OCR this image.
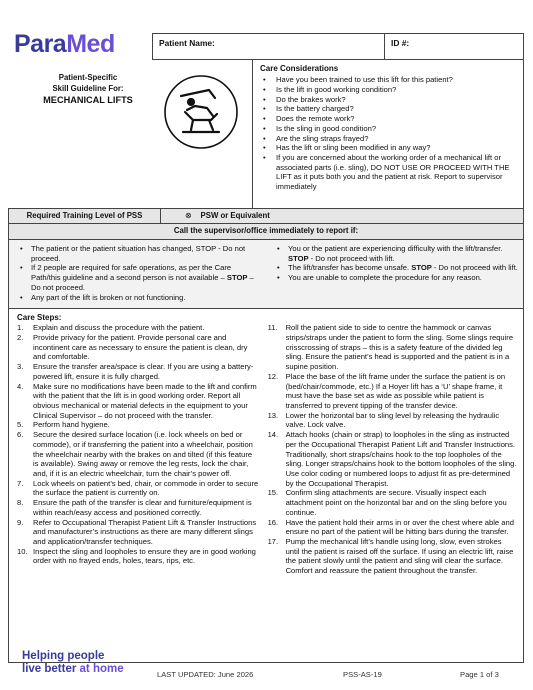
ParaMed	Patient Name:	ID #:
Patient-Specific
Skill Guideline For:
MECHANICAL LIFTS
Care Considerations
• Have you been trained to use this lift for this patient?
• Is the lift in good working condition?
• Do the brakes work?
• Is the battery charged?
• Does the remote work?
• Is the sling in good condition?
• Are the sling straps frayed?
• Has the lift or sling been modified in any way?
• If you are concerned about the working order of a mechanical lift or associated parts (i.e. sling), DO NOT USE OR PROCEED WITH THE LIFT as it puts both you and the patient at risk. Report to supervisor immediately
Required Training Level of PSS	⊗ PSW or Equivalent
Call the supervisor/office immediately to report if:
• The patient or the patient situation has changed, STOP - Do not proceed.
• If 2 people are required for safe operations, as per the Care Path/this guideline and a second person is not available – STOP – Do not proceed.
• Any part of the lift is broken or not functioning.
• You or the patient are experiencing difficulty with the lift/transfer. STOP - Do not proceed with lift.
• The lift/transfer has become unsafe. STOP - Do not proceed with lift.
• You are unable to complete the procedure for any reason.
Care Steps:
1. Explain and discuss the procedure with the patient.
2. Provide privacy for the patient. Provide personal care and incontinent care as necessary to ensure the patient is clean, dry and comfortable.
3. Ensure the transfer area/space is clear. If you are using a battery-powered lift, ensure it is fully charged.
4. Make sure no modifications have been made to the lift and confirm with the patient that the lift is in good working order. Report all obvious mechanical or material defects in the equipment to your Clinical Supervisor – do not proceed with the transfer.
5. Perform hand hygiene.
6. Secure the desired surface location (i.e. lock wheels on bed or commode), or if transferring the patient into a wheelchair, position the wheelchair nearby with the brakes on and tilted (if this feature is available). Swing away or remove the leg rests, lock the chair, and, if it is an electric wheelchair, turn the chair’s power off.
7. Lock wheels on patient’s bed, chair, or commode in order to secure the surface the patient is currently on.
8. Ensure the path of the transfer is clear and furniture/equipment is within reach/easy access and positioned correctly.
9. Refer to Occupational Therapist Patient Lift & Transfer Instructions and manufacturer’s instructions as there are many different slings and application/transfer techniques.
10. Inspect the sling and loopholes to ensure they are in good working order with no frayed ends, holes, tears, rips, etc.
11. Roll the patient side to side to centre the hammock or canvas strips/straps under the patient to form the sling. Some slings require crisscrossing of straps – this is a safety feature of the divided leg sling. Ensure the patient’s head is supported and the patient is in a supine position.
12. Place the base of the lift frame under the surface the patient is on (bed/chair/commode, etc.) If a Hoyer lift has a ‘U’ shape frame, it must have the base set as wide as possible while patient is transferred to prevent tipping of the transfer device.
13. Lower the horizontal bar to sling level by releasing the hydraulic valve. Lock valve.
14. Attach hooks (chain or strap) to loopholes in the sling as instructed per the Occupational Therapist Patient Lift and Transfer Instructions. Traditionally, short straps/chains hook to the top loopholes of the sling. Longer straps/chains hook to the bottom loopholes of the sling. Use color coding or numbered loops to adjust fit as pre-determined by the Occupational Therapist.
15. Confirm sling attachments are secure. Visually inspect each attachment point on the horizontal bar and on the sling before you continue.
16. Have the patient hold their arms in or over the chest where able and ensure no part of the patient will be hitting bars during the transfer.
17. Pump the mechanical lift’s handle using long, slow, even strokes until the patient is raised off the surface. If using an electric lift, raise the patient slowly until the patient and sling will clear the surface. Comfort and reassure the patient throughout the transfer.
Helping people
live better at home	LAST UPDATED: June 2026	PSS-AS-19	Page 1 of 3
